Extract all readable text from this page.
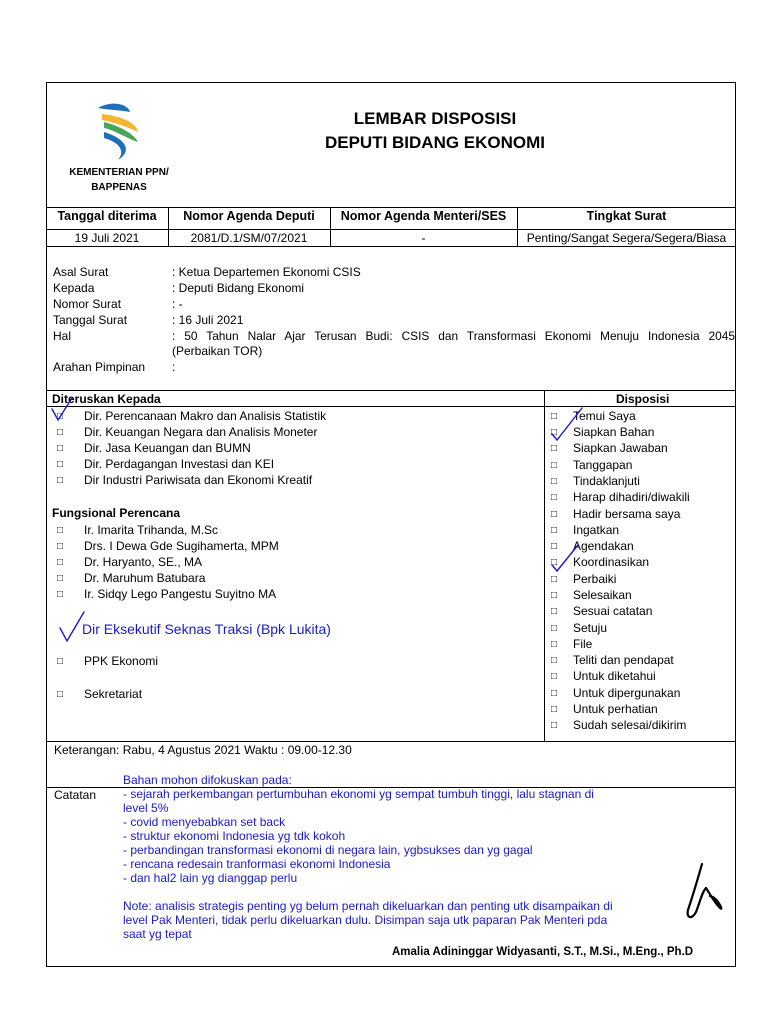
KEMENTERIAN PPN/
BAPPENAS
LEMBAR DISPOSISI
DEPUTI BIDANG EKONOMI
Tanggal diterima	Nomor Agenda Deputi	Nomor Agenda Menteri/SES	Tingkat Surat
19 Juli 2021	2081/D.1/SM/07/2021	-	Penting/Sangat Segera/Segera/Biasa
Asal Surat	: Ketua Departemen Ekonomi CSIS
Kepada	: Deputi Bidang Ekonomi
Nomor Surat	: -
Tanggal Surat	: 16 Juli 2021
Hal	: 50 Tahun Nalar Ajar Terusan Budi: CSIS dan Transformasi Ekonomi Menuju Indonesia 2045
(Perbaikan TOR)
Arahan Pimpinan :
Diteruskan Kepada	Disposisi
□ Dir. Perencanaan Makro dan Analisis Statistik
□ Dir. Keuangan Negara dan Analisis Moneter
□ Dir. Jasa Keuangan dan BUMN
□ Dir. Perdagangan Investasi dan KEI
□ Dir Industri Pariwisata dan Ekonomi Kreatif
Fungsional Perencana
□ Ir. Imarita Trihanda, M.Sc
□ Drs. I Dewa Gde Sugihamerta, MPM
□ Dr. Haryanto, SE., MA
□ Dr. Maruhum Batubara
□ Ir. Sidqy Lego Pangestu Suyitno MA
Dir Eksekutif Seknas Traksi (Bpk Lukita)
□ PPK Ekonomi
□ Sekretariat
□ Temui Saya
□ Siapkan Bahan
□ Siapkan Jawaban
□ Tanggapan
□ Tindaklanjuti
□ Harap dihadiri/diwakili
□ Hadir bersama saya
□ Ingatkan
□ Agendakan
□ Koordinasikan
□ Perbaiki
□ Selesaikan
□ Sesuai catatan
□ Setuju
□ File
□ Teliti dan pendapat
□ Untuk diketahui
□ Untuk dipergunakan
□ Untuk perhatian
□ Sudah selesai/dikirim
Keterangan: Rabu, 4 Agustus 2021 Waktu : 09.00-12.30
Catatan
Bahan mohon difokuskan pada:
- sejarah perkembangan pertumbuhan ekonomi yg sempat tumbuh tinggi, lalu stagnan di
level 5%
- covid menyebabkan set back
- struktur ekonomi Indonesia yg tdk kokoh
- perbandingan transformasi ekonomi di negara lain, ygbsukses dan yg gagal
- rencana redesain tranformasi ekonomi Indonesia
- dan hal2 lain yg dianggap perlu
Note: analisis strategis penting yg belum pernah dikeluarkan dan penting utk disampaikan di
level Pak Menteri, tidak perlu dikeluarkan dulu. Disimpan saja utk paparan Pak Menteri pda
saat yg tepat
Amalia Adininggar Widyasanti, S.T., M.Si., M.Eng., Ph.D
